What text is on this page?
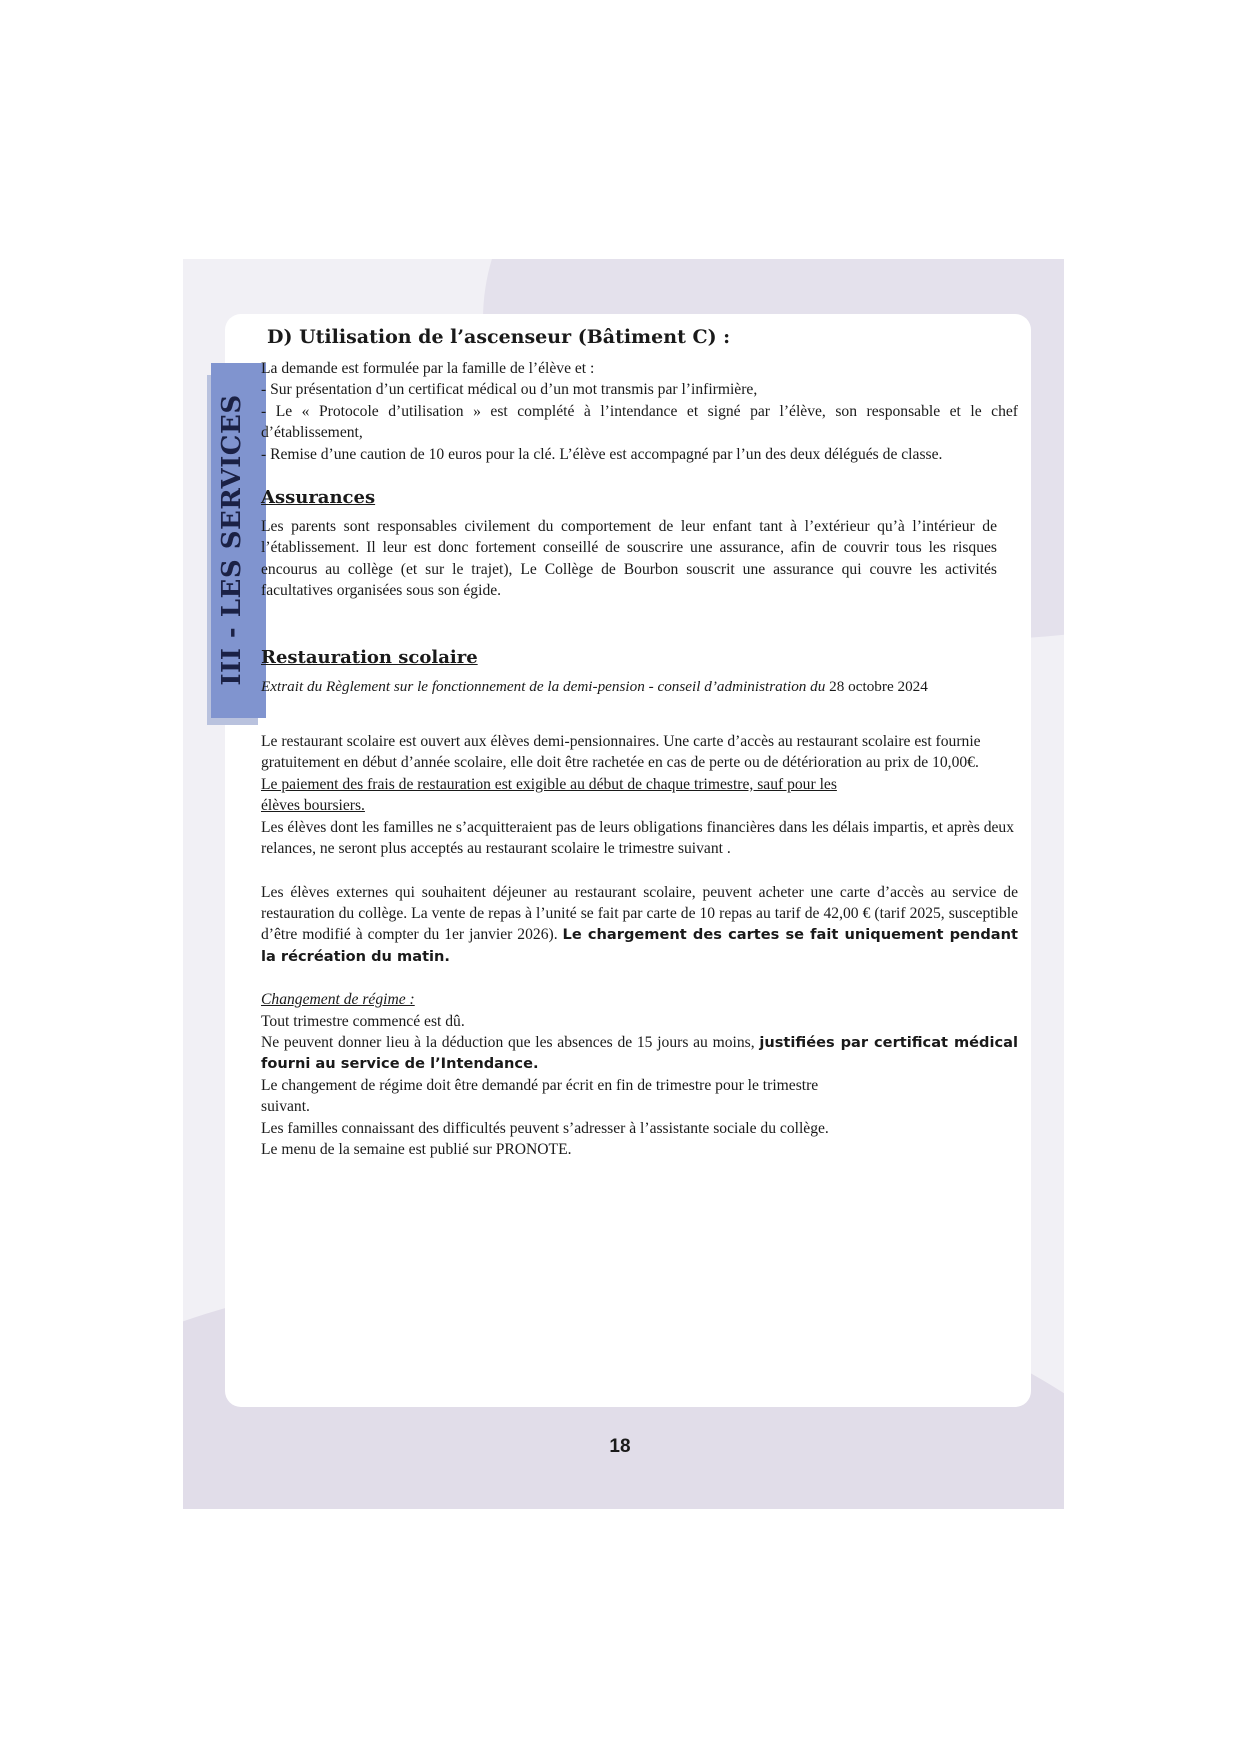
III - LES SERVICES
D) Utilisation de l’ascenseur (Bâtiment C) :

La demande est formulée par la famille de l’élève et :

- Sur présentation d’un certificat médical ou d’un mot transmis par l’infirmière,

- Le « Protocole d’utilisation » est complété à l’intendance et signé par l’élève, son responsable et le chef d’établissement,

- Remise d’une caution de 10 euros pour la clé. L’élève est accompagné par l’un des deux délégués de classe.

Assurances

Les parents sont responsables civilement du comportement de leur enfant tant à l’extérieur qu’à l’intérieur de l’établissement. Il leur est donc fortement conseillé de souscrire une assurance, afin de couvrir tous les risques encourus au collège (et sur le trajet), Le Collège de Bourbon souscrit une assurance qui couvre les activités facultatives organisées sous son égide.

Restauration scolaire

Extrait du Règlement sur le fonctionnement de la demi-pension - conseil d’administration du 28 octobre 2024

Le restaurant scolaire est ouvert aux élèves demi-pensionnaires. Une carte d’accès au restaurant scolaire est fournie gratuitement en début d’année scolaire, elle doit être rachetée en cas de perte ou de détérioration au prix de 10,00€.

Le paiement des frais de restauration est exigible au début de chaque trimestre, sauf pour les

élèves boursiers.

Les élèves dont les familles ne s’acquitteraient pas de leurs obligations financières dans les délais impartis, et après deux relances, ne seront plus acceptés au restaurant scolaire le trimestre suivant .

Les élèves externes qui souhaitent déjeuner au restaurant scolaire, peuvent acheter une carte d’accès au service de restauration du collège. La vente de repas à l’unité se fait par carte de 10 repas au tarif de 42,00 € (tarif 2025, susceptible d’être modifié à compter du 1er janvier 2026). Le chargement des cartes se fait uniquement pendant la récréation du matin.

Changement de régime :

Tout trimestre commencé est dû.

Ne peuvent donner lieu à la déduction que les absences de 15 jours au moins, justifiées par certificat médical fourni au service de l’Intendance.

Le changement de régime doit être demandé par écrit en fin de trimestre pour le trimestre

suivant.

Les familles connaissant des difficultés peuvent s’adresser à l’assistante sociale du collège.

Le menu de la semaine est publié sur PRONOTE.

18
